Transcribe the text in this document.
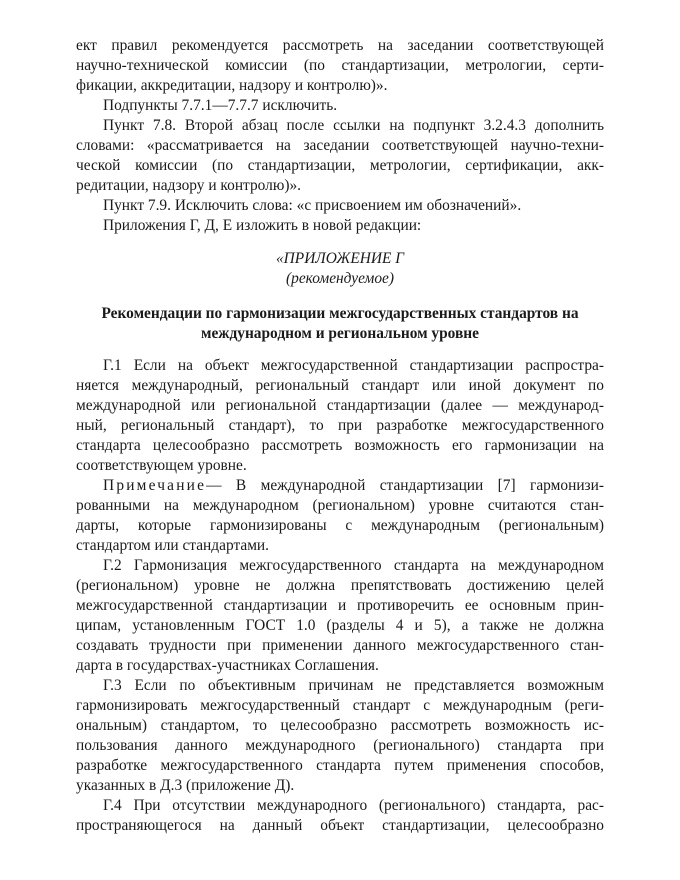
ект правил рекомендуется рассмотреть на заседании соответствующей
научно-технической комиссии (по стандартизации, метрологии, серти-
фикации, аккредитации, надзору и контролю)».
Подпункты 7.7.1—7.7.7 исключить.
Пункт 7.8. Второй абзац после ссылки на подпункт 3.2.4.3 дополнить
словами: «рассматривается на заседании соответствующей научно-техни-
ческой комиссии (по стандартизации, метрологии, сертификации, акк-
редитации, надзору и контролю)».
Пункт 7.9. Исключить слова: «с присвоением им обозначений».
Приложения Г, Д, Е изложить в новой редакции:
«ПРИЛОЖЕНИЕ Г
(рекомендуемое)
Рекомендации по гармонизации межгосударственных стандартов на
международном и региональном уровне
Г.1 Если на объект межгосударственной стандартизации распростра-
няется международный, региональный стандарт или иной документ по
международной или региональной стандартизации (далее — международ-
ный, региональный стандарт), то при разработке межгосударственного
стандарта целесообразно рассмотреть возможность его гармонизации на
соответствующем уровне.
Примечание— В международной стандартизации [7] гармонизи-
рованными на международном (региональном) уровне считаются стан-
дарты, которые гармонизированы с международным (региональным)
стандартом или стандартами.
Г.2 Гармонизация межгосударственного стандарта на международном
(региональном) уровне не должна препятствовать достижению целей
межгосударственной стандартизации и противоречить ее основным прин-
ципам, установленным ГОСТ 1.0 (разделы 4 и 5), а также не должна
создавать трудности при применении данного межгосударственного стан-
дарта в государствах-участниках Соглашения.
Г.3 Если по объективным причинам не представляется возможным
гармонизировать межгосударственный стандарт с международным (реги-
ональным) стандартом, то целесообразно рассмотреть возможность ис-
пользования данного международного (регионального) стандарта при
разработке межгосударственного стандарта путем применения способов,
указанных в Д.3 (приложение Д).
Г.4 При отсутствии международного (регионального) стандарта, рас-
пространяющегося на данный объект стандартизации, целесообразно
